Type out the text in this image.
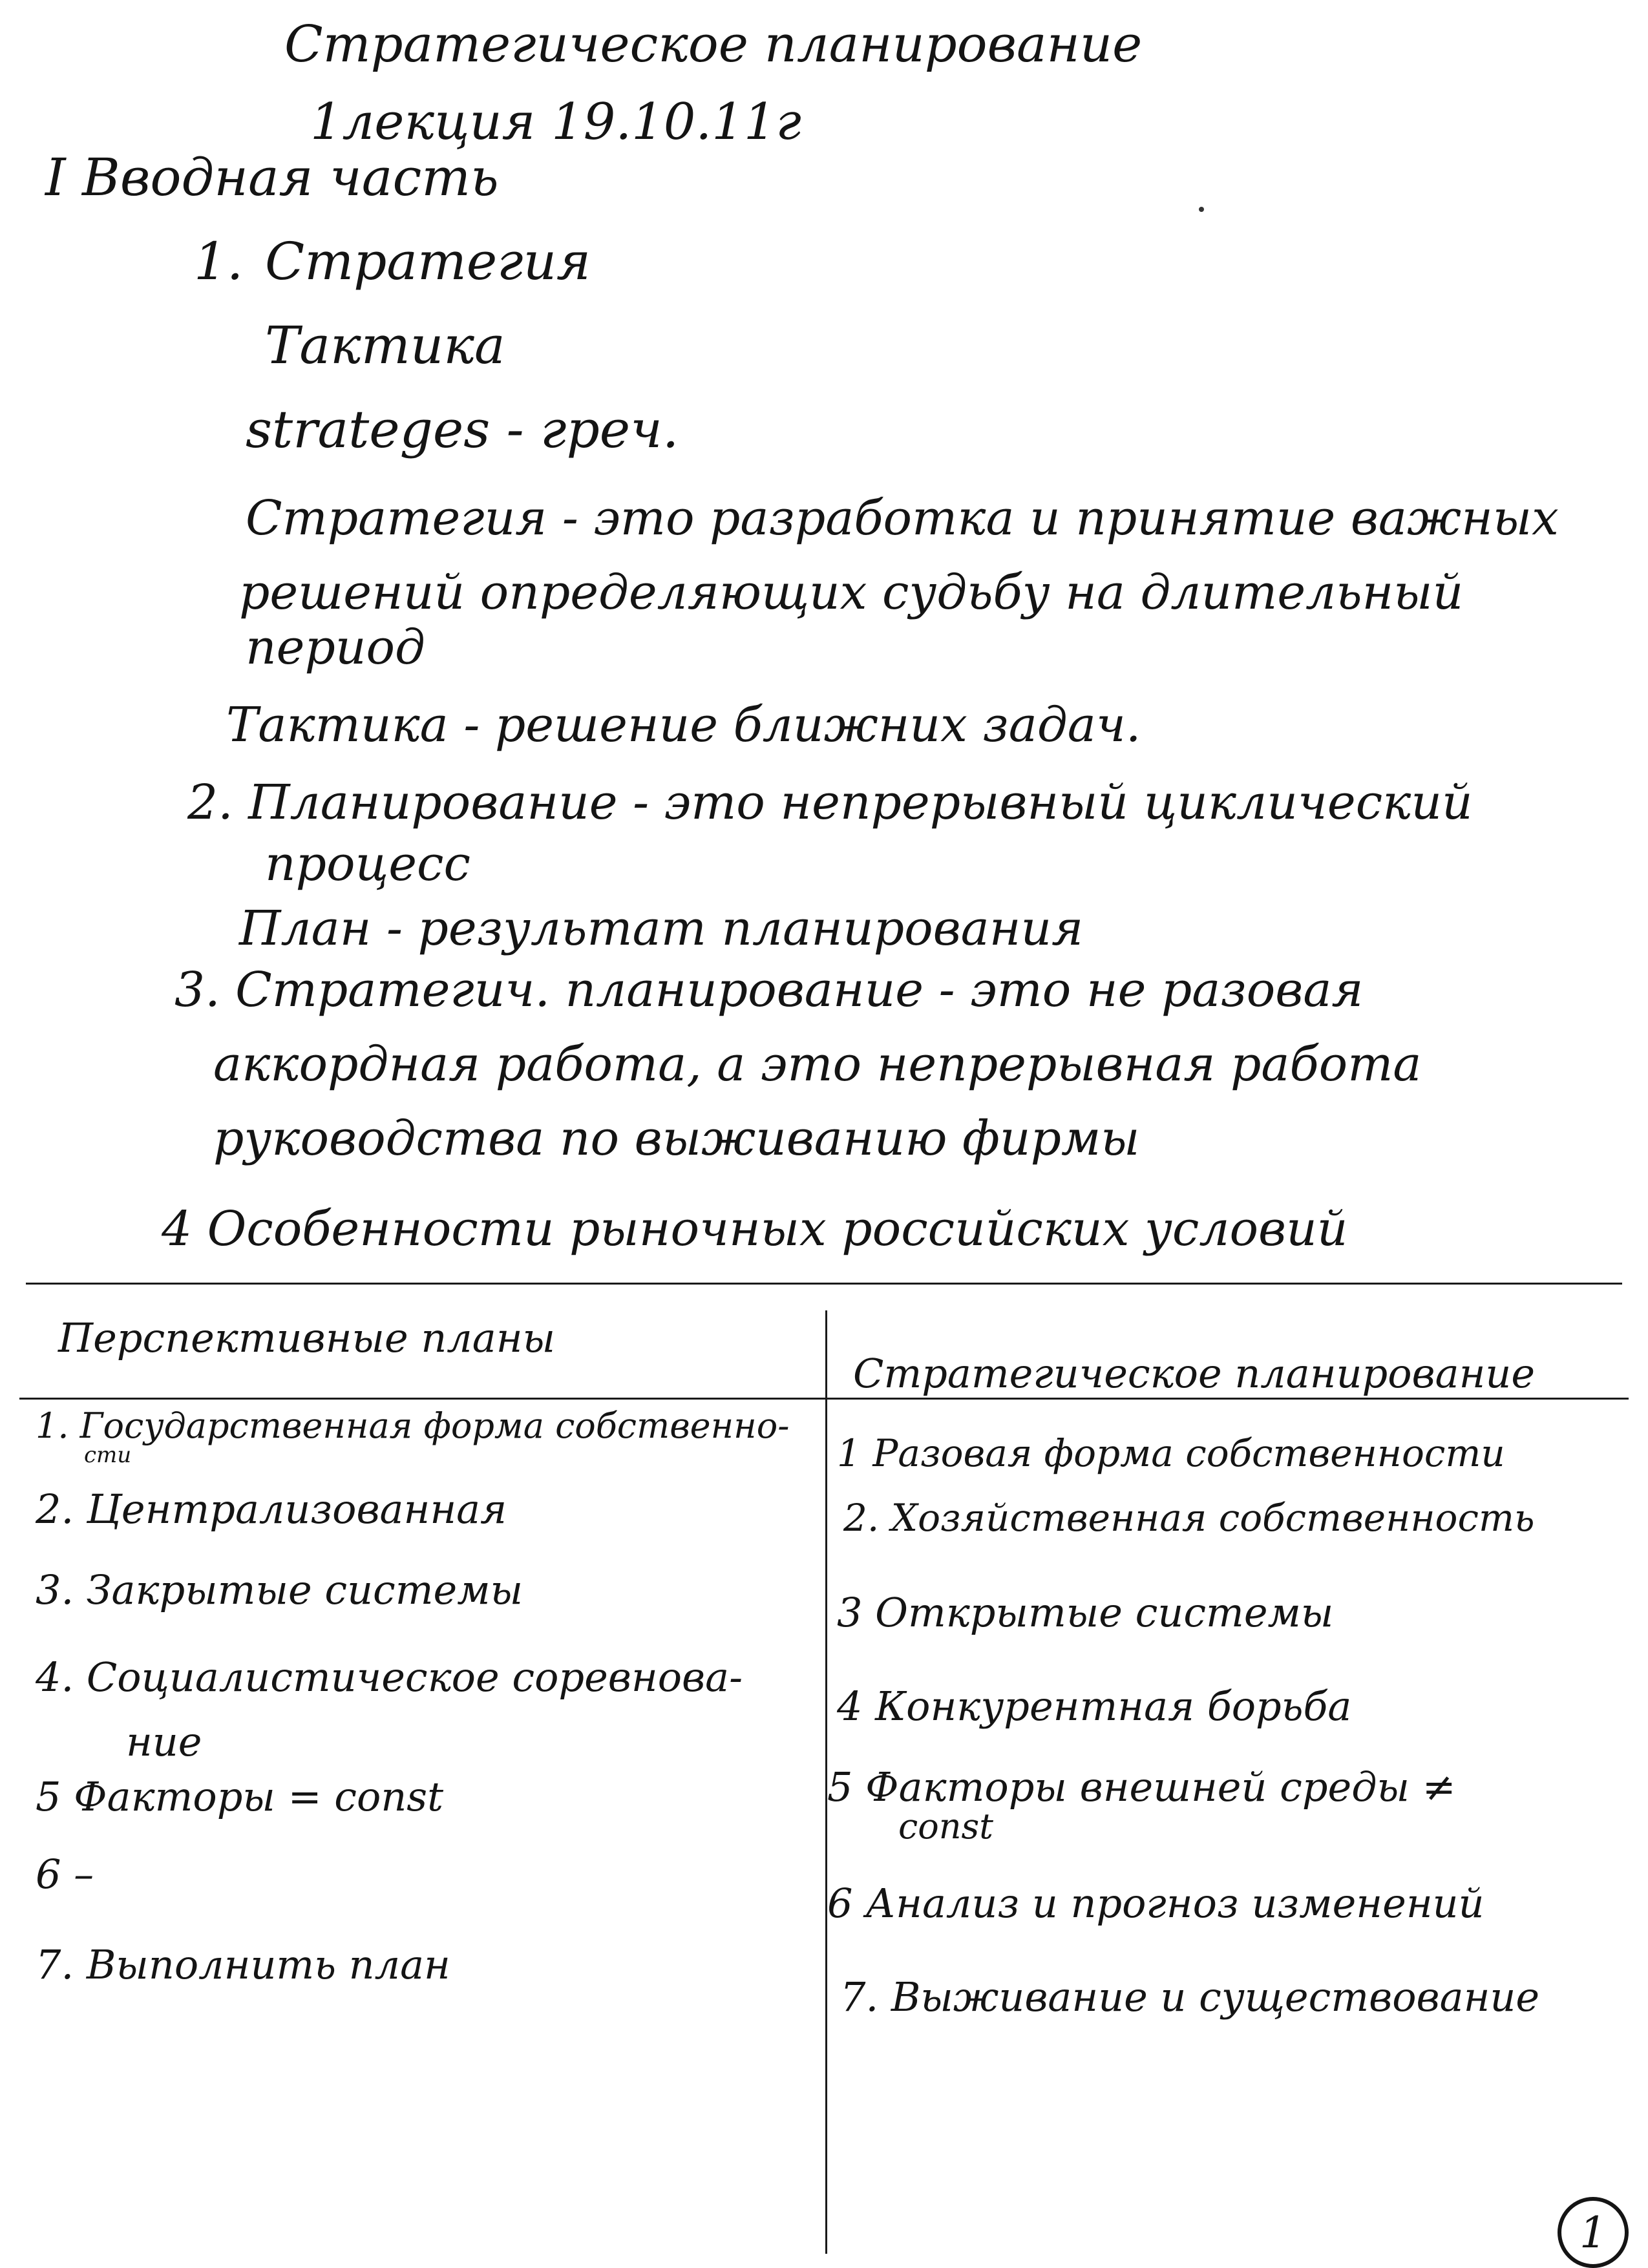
Стратегическое планирование
1лекция 19.10.11г
I Вводная часть
1. Стратегия
Тактика
strateges - греч.
Стратегия - это разработка и принятие важных
решений определяющих судьбу на длительный
период
Тактика - решение ближних задач.
2. Планирование - это непрерывный циклический
процесс
План - результат планирования
3. Стратегич. планирование - это не разовая
аккордная работа, а это непрерывная работа
руководства по выживанию фирмы
4 Особенности рыночных российских условий
Перспективные планы
Стратегическое планирование
1. Государственная форма собственно-
сти
2. Централизованная
3. Закрытые системы
4. Социалистическое соревнова-
ние
5 Факторы = const
6 –
7. Выполнить план
1 Разовая форма собственности
2. Хозяйственная собственность
3 Открытые системы
4 Конкурентная борьба
5 Факторы внешней среды ≠
const
6 Анализ и прогноз изменений
7. Выживание и существование
1
